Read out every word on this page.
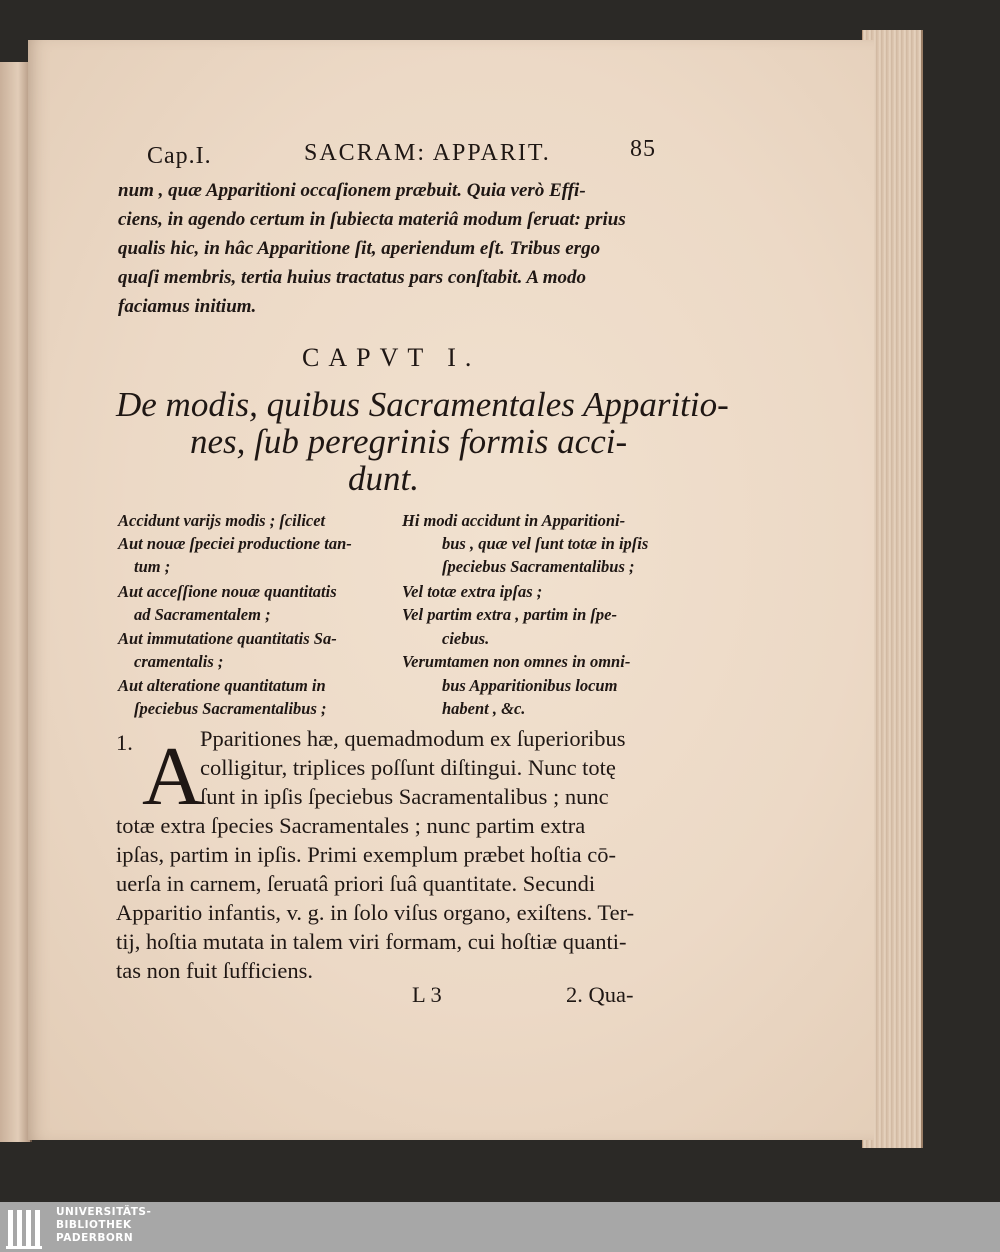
Cap.I.	SACRAM: APPARIT.	85
num , quæ Apparitioni occaſionem præbuit. Quia verò Effi-
ciens, in agendo certum in ſubiecta materiâ modum ſeruat: prius
qualis hic, in hâc Apparitione ſit, aperiendum eſt. Tribus ergo
quaſi membris, tertia huius tractatus pars conſtabit. A modo
faciamus initium.
CAPVT I.
De modis, quibus Sacramentales Apparitio-
nes, ſub peregrinis formis acci-
dunt.
Accidunt varijs modis ; ſcilicet
Aut nouæ ſpeciei productione tan-
tum ;
Aut acceſſione nouæ quantitatis
ad Sacramentalem ;
Aut immutatione quantitatis Sa-
cramentalis ;
Aut alteratione quantitatum in
ſpeciebus Sacramentalibus ;
Hi modi accidunt in Apparitioni-
bus , quæ vel ſunt totæ in ipſis
ſpeciebus Sacramentalibus ;
Vel totæ extra ipſas ;
Vel partim extra , partim in ſpe-
ciebus.
Verumtamen non omnes in omni-
bus Apparitionibus locum
habent , &c.
1. A
Pparitiones hæ, quemadmodum ex ſuperioribus
colligitur, triplices poſſunt diſtingui. Nunc totę
ſunt in ipſis ſpeciebus Sacramentalibus ; nunc
totæ extra ſpecies Sacramentales ; nunc partim extra
ipſas, partim in ipſis. Primi exemplum præbet hoſtia cō-
uerſa in carnem, ſeruatâ priori ſuâ quantitate. Secundi
Apparitio infantis, v. g. in ſolo viſus organo, exiſtens. Ter-
tij, hoſtia mutata in talem viri formam, cui hoſtiæ quanti-
tas non fuit ſufficiens.
L 3	2. Qua-
UNIVERSITÄTS-
BIBLIOTHEK
PADERBORN
